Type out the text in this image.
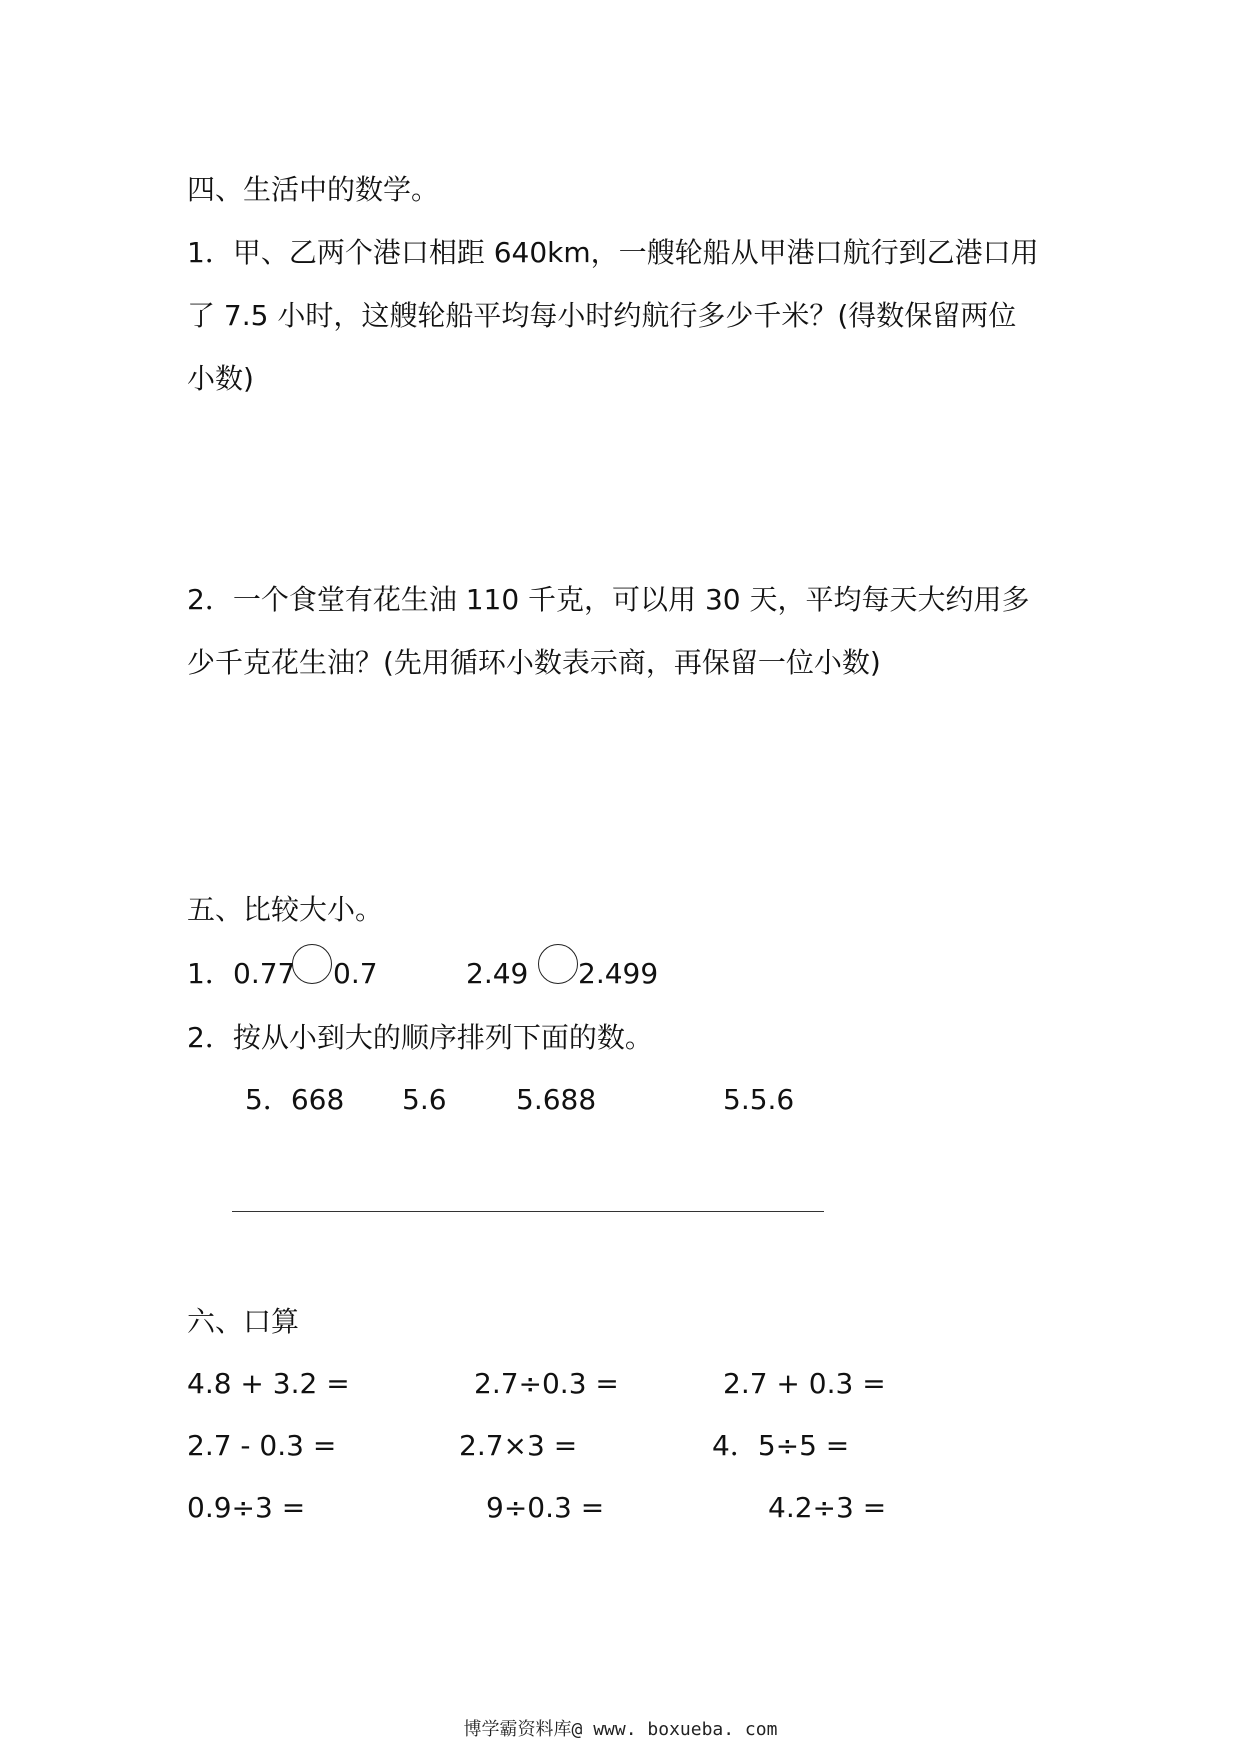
四、生活中的数学。
1．甲、乙两个港口相距 640km，一艘轮船从甲港口航行到乙港口用
了 7.5 小时，这艘轮船平均每小时约航行多少千米？(得数保留两位
小数)
2．一个食堂有花生油 110 千克，可以用 30 天，平均每天大约用多
少千克花生油？(先用循环小数表示商，再保留一位小数)
五、比较大小。
1． 0.77 0.7	2.49 2.499
2．按从小到大的顺序排列下面的数。
5．668 5.6 5.688	5.5.6
六、口算
4.8 + 3.2 =	2.7÷0.3 =	2.7 + 0.3 =
2.7 - 0.3 =	2.7×3 =	4．5÷5 =
0.9÷3 =	9÷0.3 =	4.2÷3 =
博学霸资料库@ www. boxueba. com
